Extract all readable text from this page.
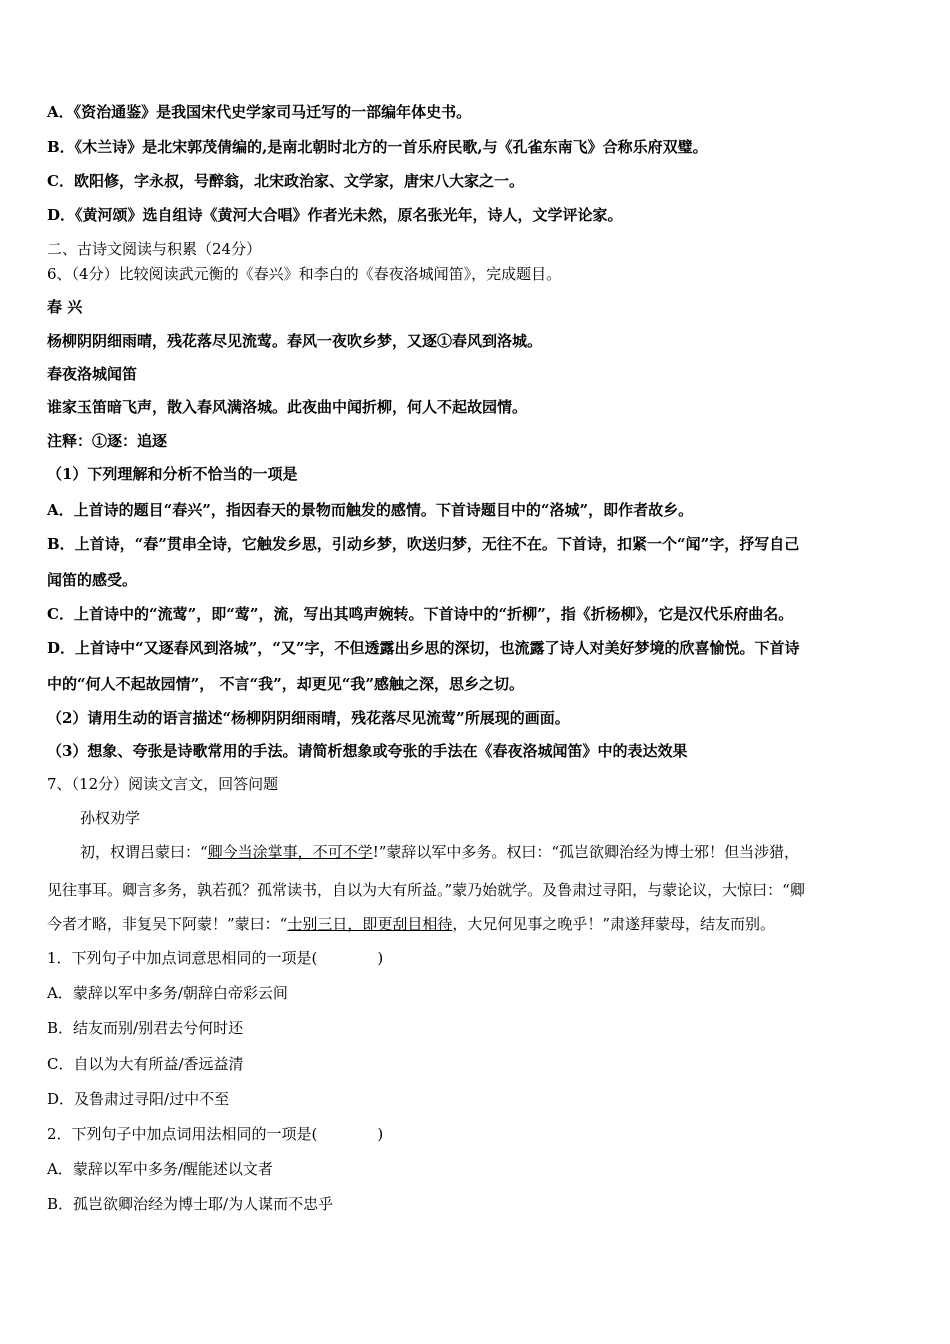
A．《资治通鉴》是我国宋代史学家司马迁写的一部编年体史书。
B．《木兰诗》是北宋郭茂倩编的,是南北朝时北方的一首乐府民歌,与《孔雀东南飞》合称乐府双璧。
C．欧阳修，字永叔，号醉翁，北宋政治家、文学家，唐宋八大家之一。
D．《黄河颂》选自组诗《黄河大合唱》作者光未然，原名张光年，诗人，文学评论家。
二、古诗文阅读与积累（24分）
6、（4分）比较阅读武元衡的《春兴》和李白的《春夜洛城闻笛》，完成题目。
春 兴
杨柳阴阴细雨晴，残花落尽见流莺。春风一夜吹乡梦，又逐①春风到洛城。
春夜洛城闻笛
谁家玉笛暗飞声，散入春风满洛城。此夜曲中闻折柳，何人不起故园情。
注释：①逐：追逐
（1）下列理解和分析不恰当的一项是
A．上首诗的题目“春兴”，指因春天的景物而触发的感情。下首诗题目中的“洛城”，即作者故乡。
B．上首诗，“春”贯串全诗，它触发乡思，引动乡梦，吹送归梦，无往不在。下首诗，扣紧一个“闻”字，抒写自己
闻笛的感受。
C．上首诗中的“流莺”，即“莺”，流，写出其鸣声婉转。下首诗中的“折柳”，指《折杨柳》，它是汉代乐府曲名。
D．上首诗中“又逐春风到洛城”，“又”字，不但透露出乡思的深切，也流露了诗人对美好梦境的欣喜愉悦。下首诗
中的“何人不起故园情”， 不言“我”，却更见“我”感触之深，思乡之切。
（2）请用生动的语言描述“杨柳阴阴细雨晴，残花落尽见流莺”所展现的画面。
（3）想象、夸张是诗歌常用的手法。请简析想象或夸张的手法在《春夜洛城闻笛》中的表达效果
7、（12分）阅读文言文，回答问题
孙权劝学
初，权谓吕蒙曰：“卿今当涂掌事，不可不学!”蒙辞以军中多务。权曰：“孤岂欲卿治经为博士邪！但当涉猎，
见往事耳。卿言多务，孰若孤？孤常读书，自以为大有所益。”蒙乃始就学。及鲁肃过寻阳，与蒙论议，大惊曰：“卿
今者才略，非复吴下阿蒙！”蒙曰：“士别三日，即更刮目相待，大兄何见事之晚乎！”肃遂拜蒙母，结友而别。
1．下列句子中加点词意思相同的一项是(　　　　)
A．蒙辞以军中多务/朝辞白帝彩云间
B．结友而别/别君去兮何时还
C．自以为大有所益/香远益清
D．及鲁肃过寻阳/过中不至
2．下列句子中加点词用法相同的一项是(　　　　)
A．蒙辞以军中多务/醒能述以文者
B．孤岂欲卿治经为博士耶/为人谋而不忠乎
